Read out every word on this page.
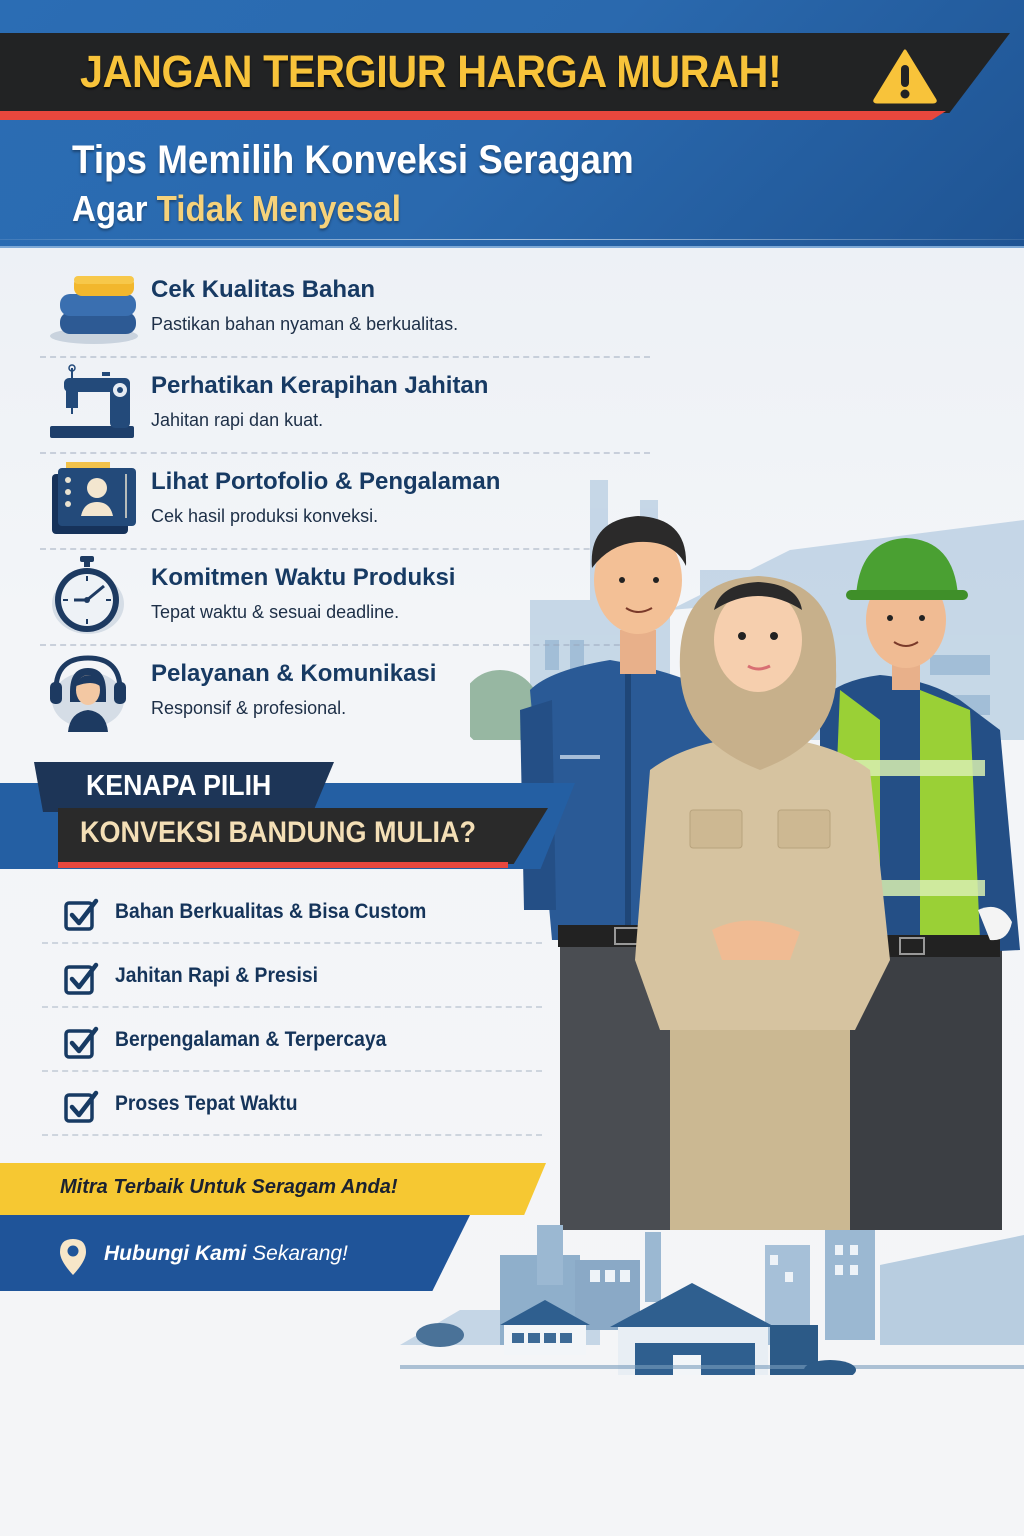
JANGAN TERGIUR HARGA MURAH!
Tips Memilih Konveksi Seragam
Agar Tidak Menyesal
Cek Kualitas Bahan
Pastikan bahan nyaman & berkualitas.
Perhatikan Kerapihan Jahitan
Jahitan rapi dan kuat.
Lihat Portofolio & Pengalaman
Cek hasil produksi konveksi.
Komitmen Waktu Produksi
Tepat waktu & sesuai deadline.
Pelayanan & Komunikasi
Responsif & profesional.
KENAPA PILIH
KONVEKSI BANDUNG MULIA?
Bahan Berkualitas & Bisa Custom
Jahitan Rapi & Presisi
Berpengalaman & Terpercaya
Proses Tepat Waktu
Mitra Terbaik Untuk Seragam Anda!
Hubungi Kami Sekarang!
